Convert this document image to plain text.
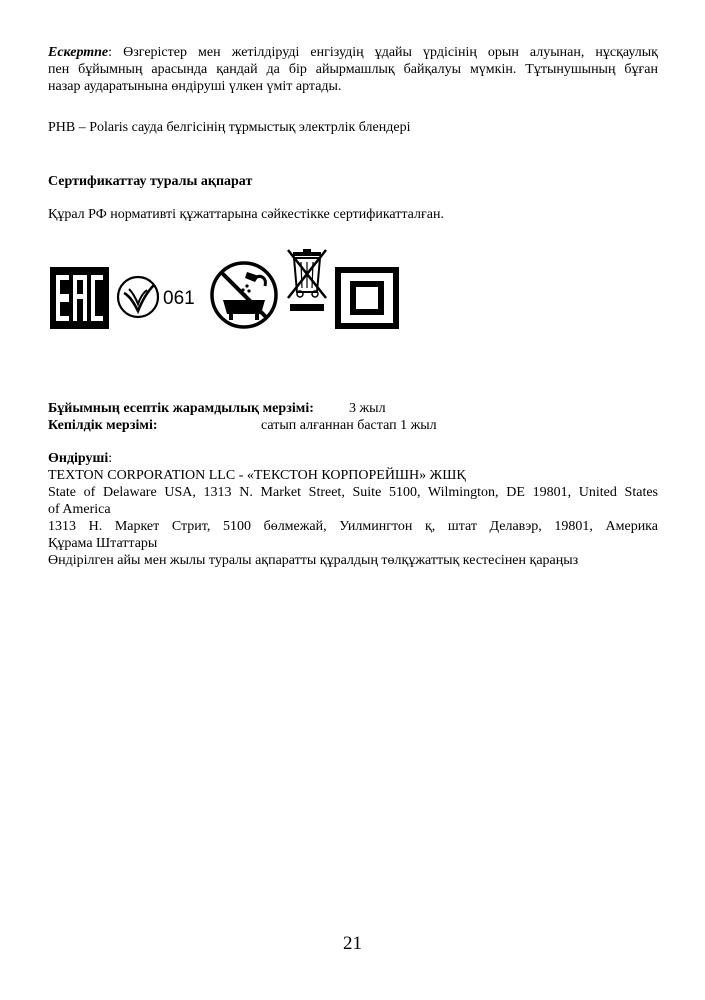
Ескертпе: Өзгерістер мен жетілдіруді енгізудің ұдайы үрдісінің орын алуынан, нұсқаулық
пен бұйымның арасында қандай да бір айырмашлық байқалуы мүмкін. Тұтынушының бұған
назар аударатынына өндіруші үлкен үміт артады.
PHB – Polaris сауда белгісінің тұрмыстық электрлік блендері
Сертификаттау туралы ақпарат
Құрал РФ нормативті құжаттарына сәйкестікке сертификатталған.
061
Бұйымның есептік жарамдылық мерзімі:	3 жыл
Кепілдік мерзімі:	сатып алғаннан бастап 1 жыл
Өндіруші:
TEXTON CORPORATION LLC - «ТЕКСТОН КОРПОРЕЙШН» ЖШҚ
State of Delaware USA, 1313 N. Market Street, Suite 5100, Wilmington, DE 19801, United States
of America
1313 Н. Маркет Стрит, 5100 бөлмежай, Уилмингтон қ, штат Делавэр, 19801, Америка
Құрама Штаттары
Өндірілген айы мен жылы туралы ақпаратты құралдың төлқұжаттық кестесінен қараңыз
21
